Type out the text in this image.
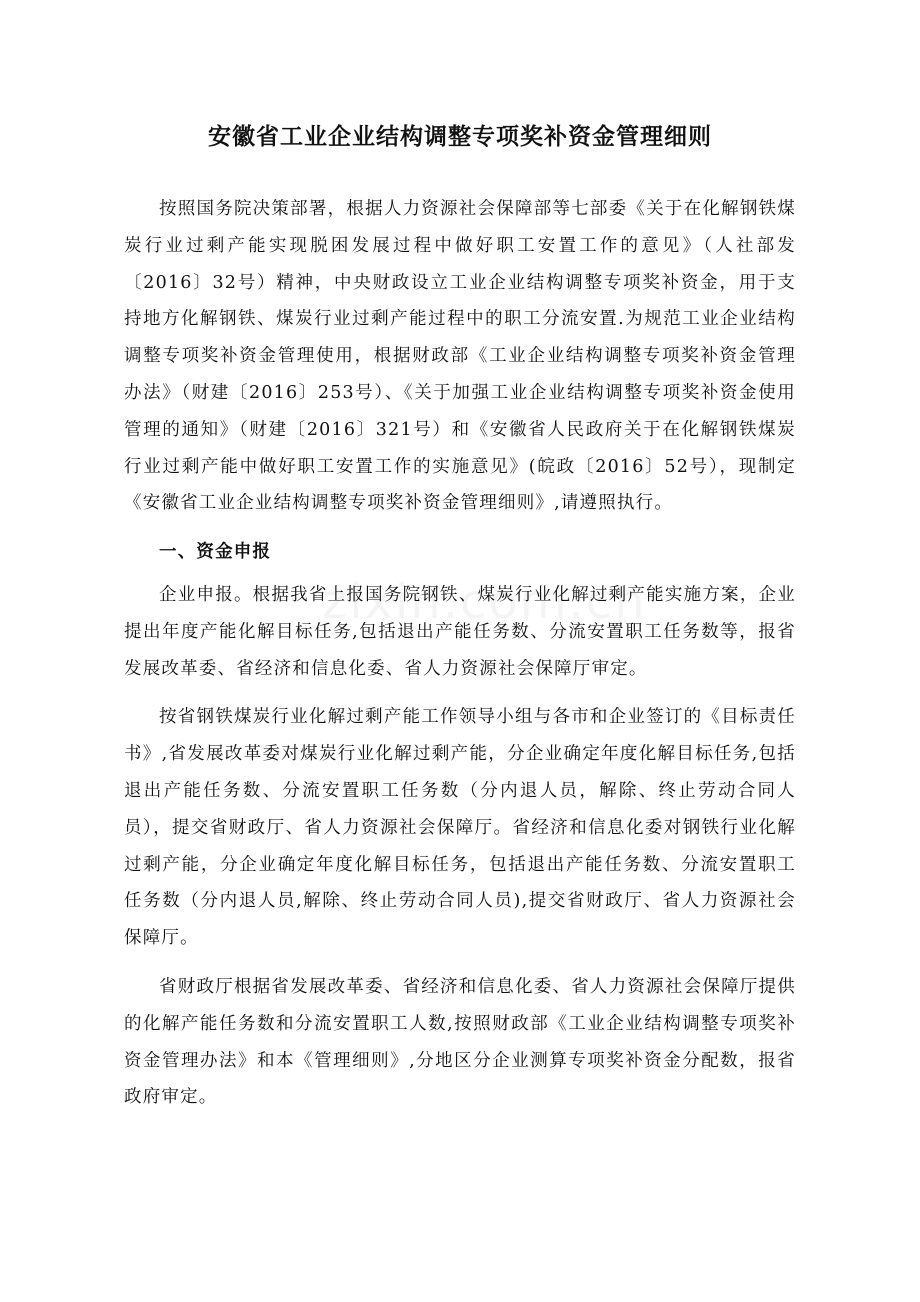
安徽省工业企业结构调整专项奖补资金管理细则

按照国务院决策部署，根据人力资源社会保障部等七部委《关于在化解钢铁煤炭行业过剩产能实现脱困发展过程中做好职工安置工作的意见》（人社部发〔2016〕32号）精神，中央财政设立工业企业结构调整专项奖补资金，用于支持地方化解钢铁、煤炭行业过剩产能过程中的职工分流安置.为规范工业企业结构调整专项奖补资金管理使用，根据财政部《工业企业结构调整专项奖补资金管理办法》（财建〔2016〕253号）、《关于加强工业企业结构调整专项奖补资金使用管理的通知》（财建〔2016〕321号）和《安徽省人民政府关于在化解钢铁煤炭行业过剩产能中做好职工安置工作的实施意见》(皖政〔2016〕52号），现制定《安徽省工业企业结构调整专项奖补资金管理细则》,请遵照执行。

一、资金申报

企业申报。根据我省上报国务院钢铁、煤炭行业化解过剩产能实施方案，企业提出年度产能化解目标任务,包括退出产能任务数、分流安置职工任务数等，报省发展改革委、省经济和信息化委、省人力资源社会保障厅审定。

按省钢铁煤炭行业化解过剩产能工作领导小组与各市和企业签订的《目标责任书》,省发展改革委对煤炭行业化解过剩产能，分企业确定年度化解目标任务,包括退出产能任务数、分流安置职工任务数（分内退人员，解除、终止劳动合同人员），提交省财政厅、省人力资源社会保障厅。省经济和信息化委对钢铁行业化解过剩产能，分企业确定年度化解目标任务，包括退出产能任务数、分流安置职工任务数（分内退人员,解除、终止劳动合同人员),提交省财政厅、省人力资源社会保障厅。

省财政厅根据省发展改革委、省经济和信息化委、省人力资源社会保障厅提供的化解产能任务数和分流安置职工人数,按照财政部《工业企业结构调整专项奖补资金管理办法》和本《管理细则》,分地区分企业测算专项奖补资金分配数，报省政府审定。
